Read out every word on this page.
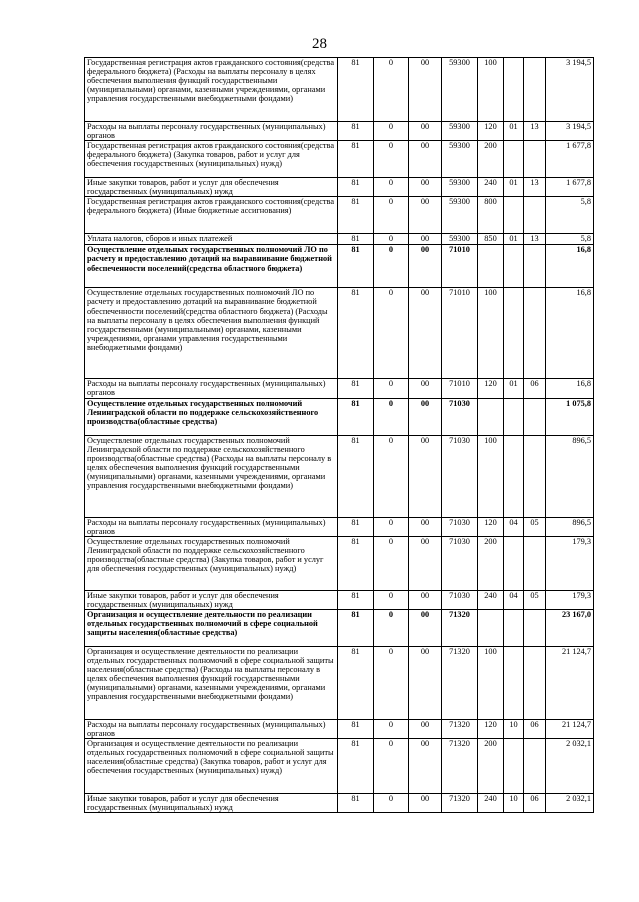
28
Государственная регистрация актов гражданского состояния(средства федерального бюджета) (Расходы на выплаты персоналу в целях обеспечения выполнения функций государственными (муниципальными) органами, казенными учреждениями, органами управления государственными внебюджетными фондами)	81	0	00	59300	100			3 194,5
Расходы на выплаты персоналу государственных (муниципальных) органов	81	0	00	59300	120	01	13	3 194,5
Государственная регистрация актов гражданского состояния(средства федерального бюджета) (Закупка товаров, работ и услуг для обеспечения государственных (муниципальных) нужд)	81	0	00	59300	200			1 677,8
Иные закупки товаров, работ и услуг для обеспечения государственных (муниципальных) нужд	81	0	00	59300	240	01	13	1 677,8
Государственная регистрация актов гражданского состояния(средства федерального бюджета) (Иные бюджетные ассигнования)	81	0	00	59300	800			5,8
Уплата налогов, сборов и иных платежей	81	0	00	59300	850	01	13	5,8
Осуществление отдельных государственных полномочий ЛО по расчету и предоставлению дотаций на выравнивание бюджетной обеспеченности поселений(средства областного бюджета)	81	0	00	71010				16,8
Осуществление отдельных государственных полномочий ЛО по расчету и предоставлению дотаций на выравнивание бюджетной обеспеченности поселений(средства областного бюджета) (Расходы на выплаты персоналу в целях обеспечения выполнения функций государственными (муниципальными) органами, казенными учреждениями, органами управления государственными внебюджетными фондами)	81	0	00	71010	100			16,8
Расходы на выплаты персоналу государственных (муниципальных) органов	81	0	00	71010	120	01	06	16,8
Осуществление отдельных государственных полномочий Ленинградской области по поддержке сельскохозяйственного производства(областные средства)	81	0	00	71030				1 075,8
Осуществление отдельных государственных полномочий Ленинградской области по поддержке сельскохозяйственного производства(областные средства) (Расходы на выплаты персоналу в целях обеспечения выполнения функций государственными (муниципальными) органами, казенными учреждениями, органами управления государственными внебюджетными фондами)	81	0	00	71030	100			896,5
Расходы на выплаты персоналу государственных (муниципальных) органов	81	0	00	71030	120	04	05	896,5
Осуществление отдельных государственных полномочий Ленинградской области по поддержке сельскохозяйственного производства(областные средства) (Закупка товаров, работ и услуг для обеспечения государственных (муниципальных) нужд)	81	0	00	71030	200			179,3
Иные закупки товаров, работ и услуг для обеспечения государственных (муниципальных) нужд	81	0	00	71030	240	04	05	179,3
Организация и осуществление деятельности по реализации отдельных государственных полномочий в сфере социальной защиты населения(областные средства)	81	0	00	71320				23 167,0
Организация и осуществление деятельности по реализации отдельных государственных полномочий в сфере социальной защиты населения(областные средства) (Расходы на выплаты персоналу в целях обеспечения выполнения функций государственными (муниципальными) органами, казенными учреждениями, органами управления государственными внебюджетными фондами)	81	0	00	71320	100			21 124,7
Расходы на выплаты персоналу государственных (муниципальных) органов	81	0	00	71320	120	10	06	21 124,7
Организация и осуществление деятельности по реализации отдельных государственных полномочий в сфере социальной защиты населения(областные средства) (Закупка товаров, работ и услуг для обеспечения государственных (муниципальных) нужд)	81	0	00	71320	200			2 032,1
Иные закупки товаров, работ и услуг для обеспечения государственных (муниципальных) нужд	81	0	00	71320	240	10	06	2 032,1
